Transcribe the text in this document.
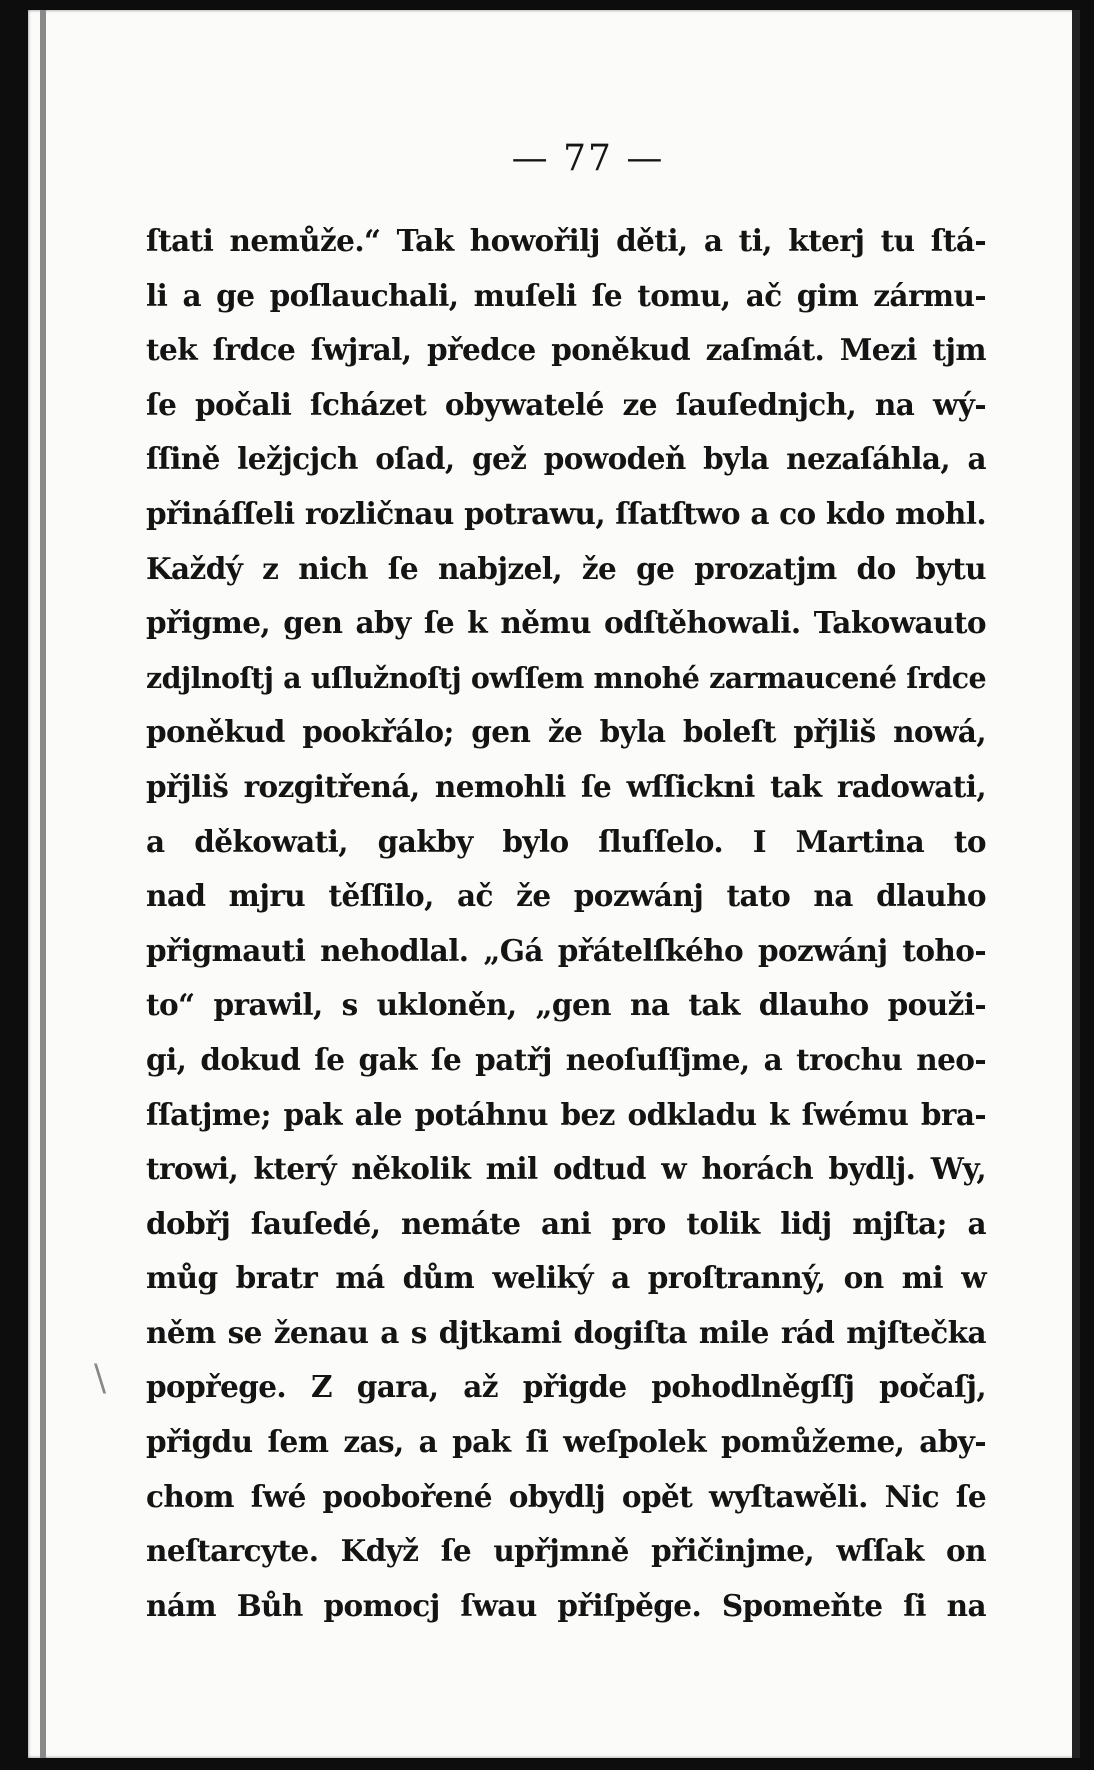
— 77 —
ſtati nemůže.“ Tak howořilj děti, a ti, kterj tu ſtá-
li a ge poſlauchali, muſeli ſe tomu, ač gim zármu-
tek ſrdce ſwjral, předce poněkud zaſmát. Mezi tjm
ſe počali ſcházet obywatelé ze ſauſednjch, na wý-
ſſině ležjcjch oſad, gež powodeň byla nezaſáhla, a
přináſſeli rozličnau potrawu, ſſatſtwo a co kdo mohl.
Každý z nich ſe nabjzel, že ge prozatjm do bytu
přigme, gen aby ſe k němu odſtěhowali. Takowauto
zdjlnoſtj a uſlužnoſtj owſſem mnohé zarmaucené ſrdce
poněkud pookřálo; gen že byla boleſt přjliš nowá,
přjliš rozgitřená, nemohli ſe wſſickni tak radowati,
a děkowati, gakby bylo ſluſſelo. I Martina to
nad mjru těſſilo, ač že pozwánj tato na dlauho
přigmauti nehodlal. „Gá přátelſkého pozwánj toho-
to“ prawil, s ukloněn, „gen na tak dlauho použi-
gi, dokud ſe gak ſe patřj neoſuſſjme, a trochu neo-
ſſatjme; pak ale potáhnu bez odkladu k ſwému bra-
trowi, který několik mil odtud w horách bydlj. Wy,
dobřj ſauſedé, nemáte ani pro tolik lidj mjſta; a
můg bratr má dům weliký a proſtranný, on mi w
něm se ženau a s djtkami dogiſta mile rád mjſtečka
popřege. Z gara, až přigde pohodlněgſſj počaſj,
přigdu ſem zas, a pak ſi weſpolek pomůžeme, aby-
chom ſwé poobořené obydlj opět wyſtawěli. Nic ſe
neſtarcyte. Když ſe upřjmně přičinjme, wſſak on
nám Bůh pomocj ſwau přiſpěge. Spomeňte ſi na
\
